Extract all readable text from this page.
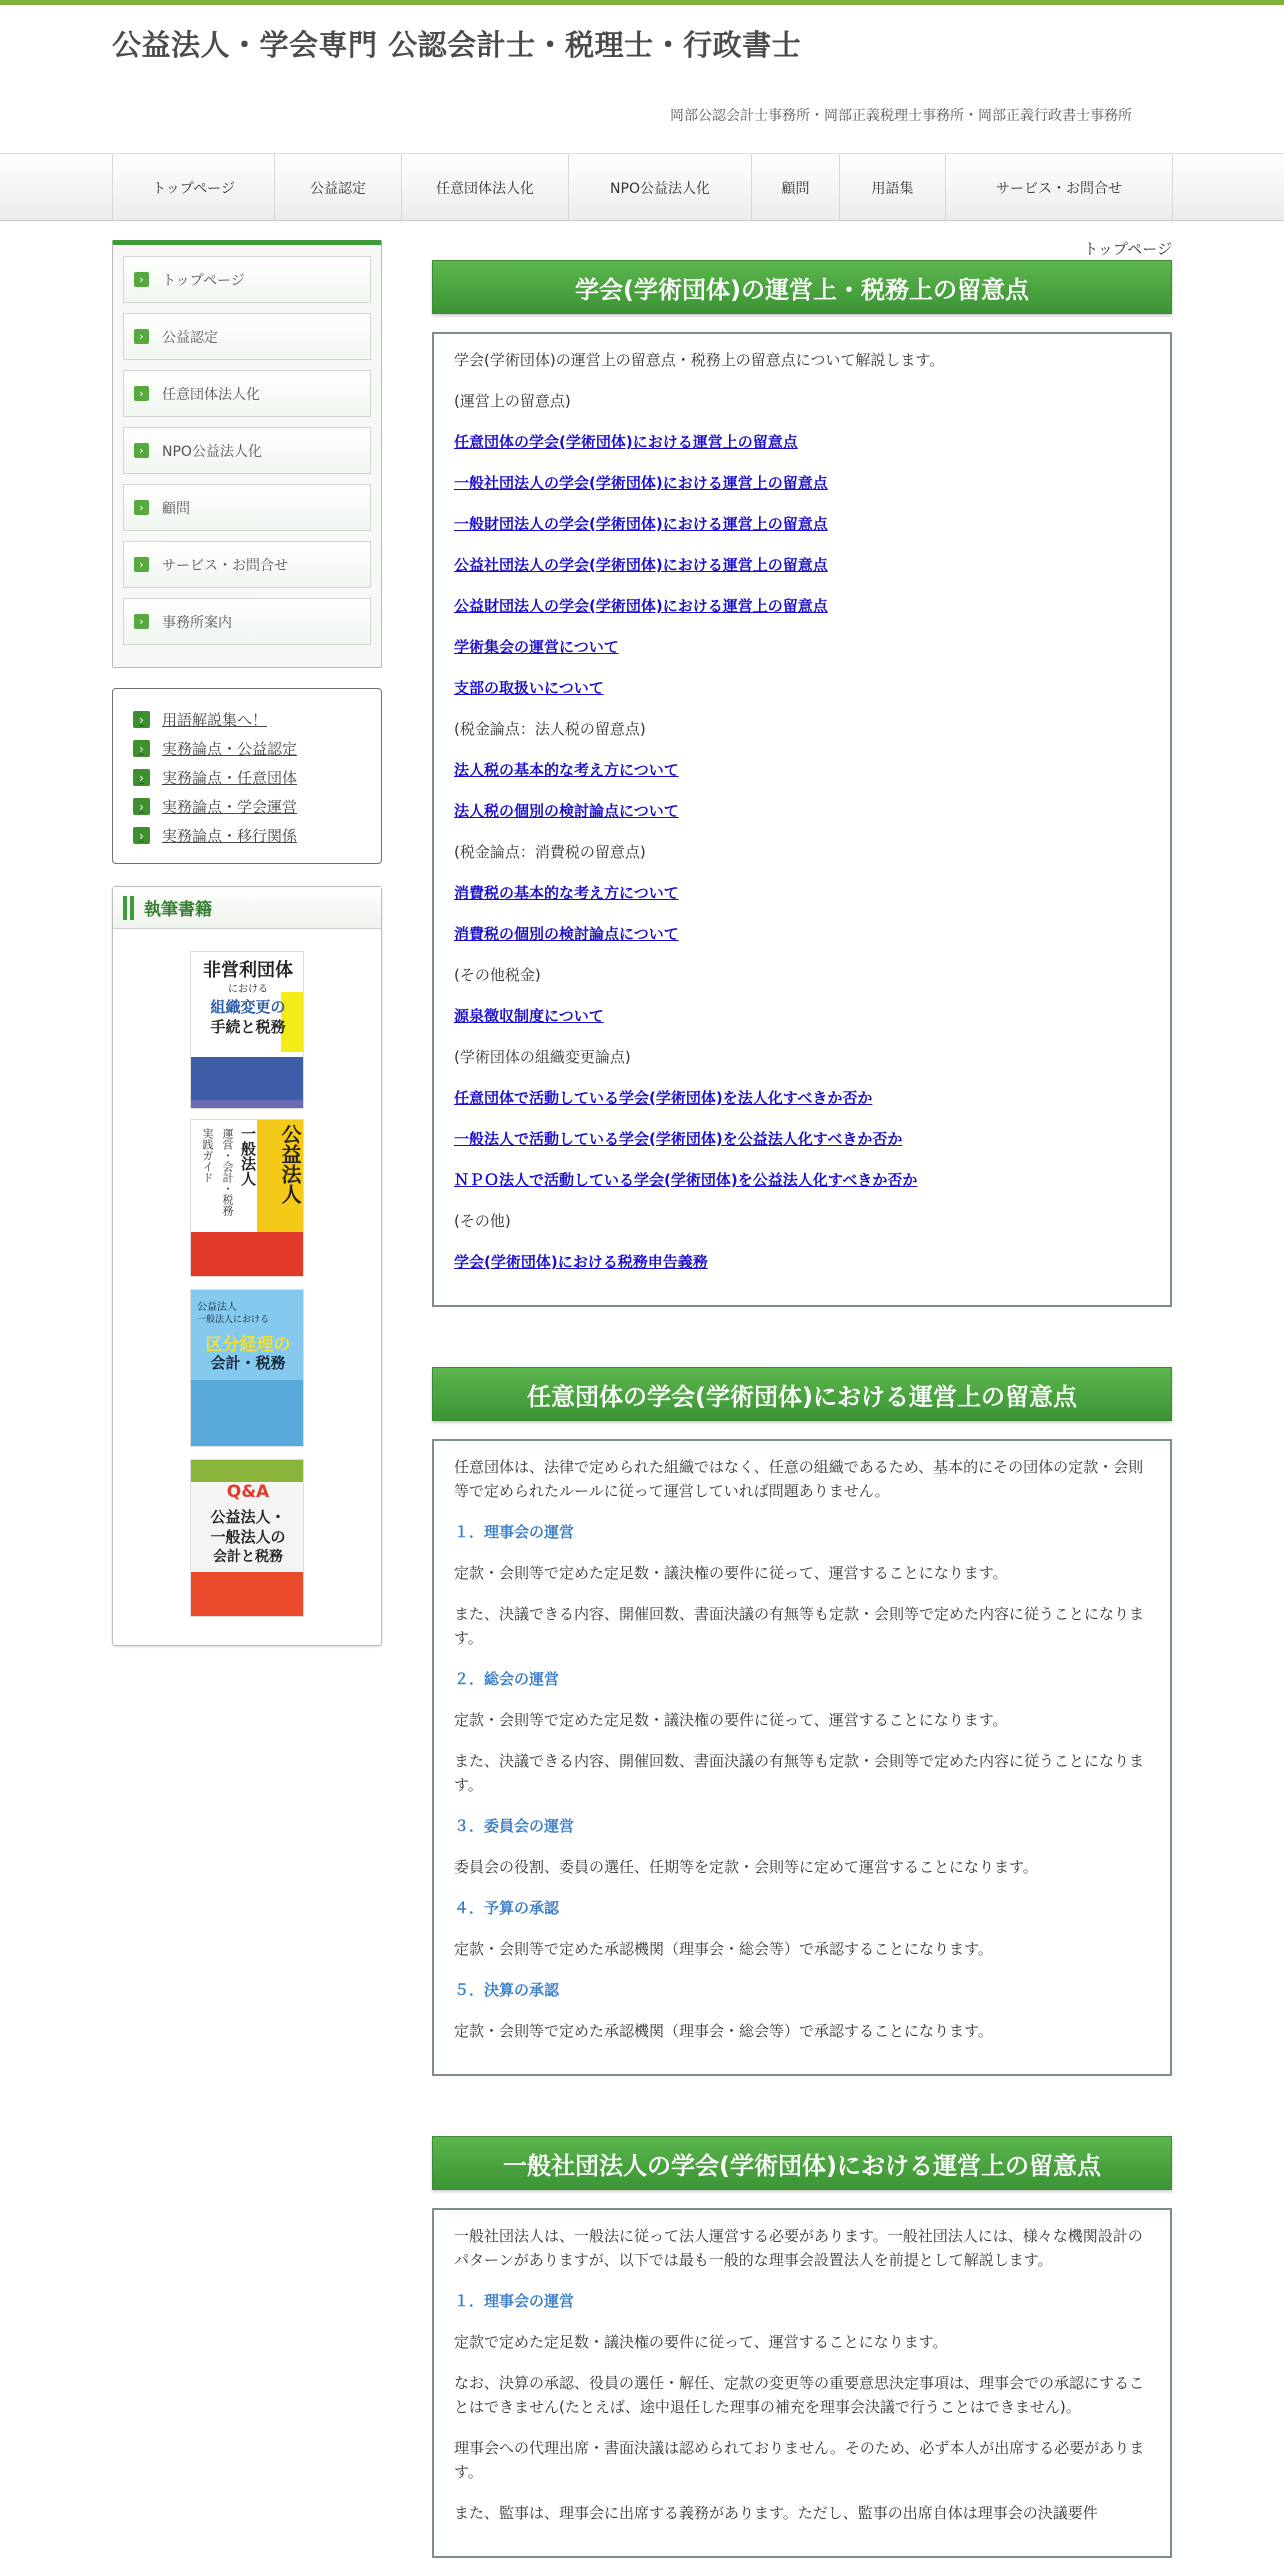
公益法人・学会専門 公認会計士・税理士・行政書士
岡部公認会計士事務所・岡部正義税理士事務所・岡部正義行政書士事務所
トップページ	公益認定	任意団体法人化	NPO公益法人化	顧問	用語集	サービス・お問合せ
›	トップページ
›	公益認定
›	任意団体法人化
›	NPO公益法人化
›	顧問
›	サービス・お問合せ
›	事務所案内
›	用語解説集へ！
›	実務論点・公益認定
›	実務論点・任意団体
›	実務論点・学会運営
›	実務論点・移行関係
執筆書籍
非営利団体
における
組織変更の
手続と税務
公益法人
一般法人
運営・会計・税務
実践ガイド
公益法人
一般法人における
区分経理の
会計・税務
Q&A
公益法人・
一般法人の
会計と税務
トップページ
学会(学術団体)の運営上・税務上の留意点

学会(学術団体)の運営上の留意点・税務上の留意点について解説します。

(運営上の留意点)

任意団体の学会(学術団体)における運営上の留意点
一般社団法人の学会(学術団体)における運営上の留意点
一般財団法人の学会(学術団体)における運営上の留意点
公益社団法人の学会(学術団体)における運営上の留意点
公益財団法人の学会(学術団体)における運営上の留意点
学術集会の運営について
支部の取扱いについて

(税金論点：法人税の留意点)

法人税の基本的な考え方について
法人税の個別の検討論点について

(税金論点：消費税の留意点)

消費税の基本的な考え方について
消費税の個別の検討論点について

(その他税金)

源泉徴収制度について

(学術団体の組織変更論点)

任意団体で活動している学会(学術団体)を法人化すべきか否か
一般法人で活動している学会(学術団体)を公益法人化すべきか否か
ＮＰＯ法人で活動している学会(学術団体)を公益法人化すべきか否か

(その他)

学会(学術団体)における税務申告義務
任意団体の学会(学術団体)における運営上の留意点

任意団体は、法律で定められた組織ではなく、任意の組織であるため、基本的にその団体の定款・会則等で定められたルールに従って運営していれば問題ありません。

１．理事会の運営

定款・会則等で定めた定足数・議決権の要件に従って、運営することになります。

また、決議できる内容、開催回数、書面決議の有無等も定款・会則等で定めた内容に従うことになります。

２．総会の運営

定款・会則等で定めた定足数・議決権の要件に従って、運営することになります。

また、決議できる内容、開催回数、書面決議の有無等も定款・会則等で定めた内容に従うことになります。

３．委員会の運営

委員会の役割、委員の選任、任期等を定款・会則等に定めて運営することになります。

４．予算の承認

定款・会則等で定めた承認機関（理事会・総会等）で承認することになります。

５．決算の承認

定款・会則等で定めた承認機関（理事会・総会等）で承認することになります。

一般社団法人の学会(学術団体)における運営上の留意点

一般社団法人は、一般法に従って法人運営する必要があります。一般社団法人には、様々な機関設計のパターンがありますが、以下では最も一般的な理事会設置法人を前提として解説します。

１．理事会の運営

定款で定めた定足数・議決権の要件に従って、運営することになります。

なお、決算の承認、役員の選任・解任、定款の変更等の重要意思決定事項は、理事会での承認にすることはできません(たとえば、途中退任した理事の補充を理事会決議で行うことはできません)。

理事会への代理出席・書面決議は認められておりません。そのため、必ず本人が出席する必要があります。

また、監事は、理事会に出席する義務があります。ただし、監事の出席自体は理事会の決議要件
